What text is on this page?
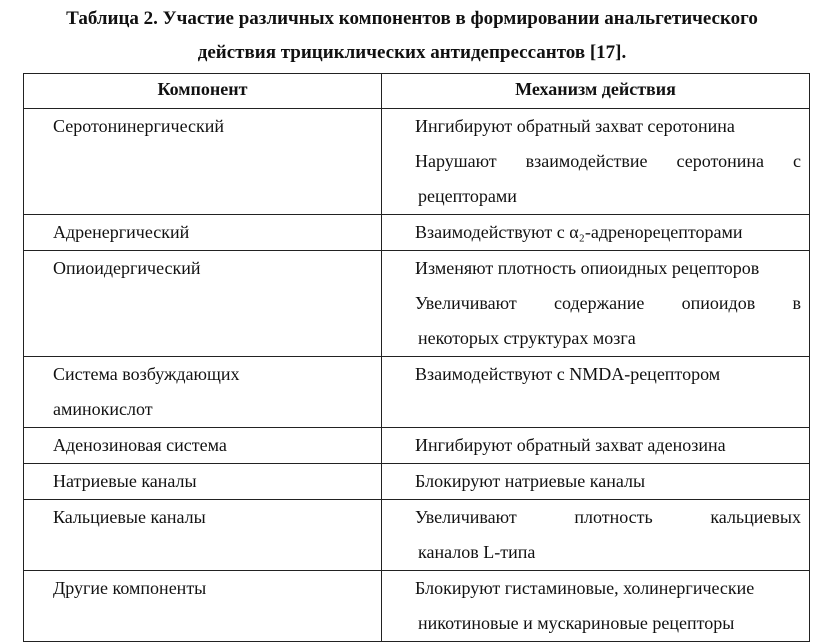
Таблица 2. Участие различных компонентов в формировании анальгетического
действия трициклических антидепрессантов [17].
Компонент	Механизм действия

Серотонинергический	Ингибируют обратный захват серотонина
Нарушают взаимодействие серотонина с
рецепторами

Адренергический	Взаимодействуют с α₂-адренорецепторами

Опиоидергический	Изменяют плотность опиоидных рецепторов
Увеличивают содержание опиоидов в
некоторых структурах мозга

Система возбуждающих
аминокислот	Взаимодействуют с NMDA-рецептором

Аденозиновая система	Ингибируют обратный захват аденозина

Натриевые каналы	Блокируют натриевые каналы

Кальциевые каналы	Увеличивают плотность кальциевых
каналов L-типа

Другие компоненты	Блокируют гистаминовые, холинергические
никотиновые и мускариновые рецепторы
